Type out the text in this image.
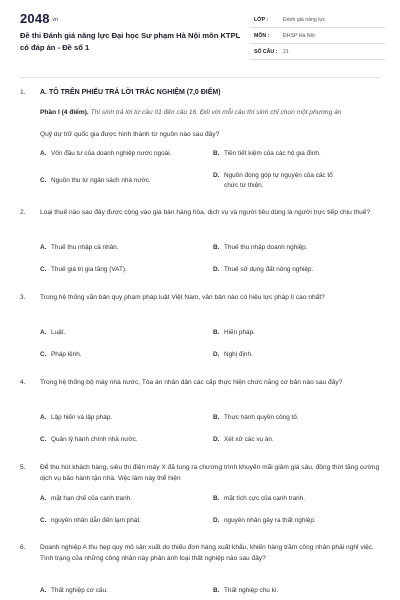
2048.vn
Đề thi Đánh giá năng lực Đại học Sư phạm Hà Nội môn KTPL có đáp án - Đề số 1
LỚP :	Đánh giá năng lực
MÔN :	ĐHSP Hà Nội
SỐ CÂU : 21
1. A. TÔ TRÊN PHIẾU TRẢ LỜI TRẮC NGHIỆM (7,0 ĐIỂM)
Phần I (4 điểm). Thí sinh trả lời từ câu 01 đến câu 16. Đối với mỗi câu thí sinh chỉ chọn một phương án
Quỹ dự trữ quốc gia được hình thành từ nguồn nào sau đây?
A. Vốn đầu tư của doanh nghiệp nước ngoài.	B. Tiền tiết kiệm của các hộ gia đình.
C. Nguồn thu từ ngân sách nhà nước.
D. Nguồn đóng góp tự nguyện của các tổ chức từ thiện.
2. Loại thuế nào sau đây được cộng vào giá bán hàng hóa, dịch vụ và người tiêu dùng là người trực tiếp chịu thuế?
A. Thuế thu nhập cá nhân.	B. Thuế thu nhập doanh nghiệp.
C. Thuế giá trị gia tăng (VAT).	D. Thuế sử dụng đất nông nghiệp.
3. Trong hệ thống văn bản quy phạm pháp luật Việt Nam, văn bản nào có hiệu lực pháp lí cao nhất?
A. Luật.	B. Hiến pháp.
C. Pháp lệnh.	D. Nghị định.
4. Trong hệ thống bộ máy nhà nước, Tòa án nhân dân các cấp thực hiện chức năng cơ bản nào sau đây?
A. Lập hiến và lập pháp.	B. Thực hành quyền công tố.
C. Quản lý hành chính nhà nước.	D. Xét xử các vụ án.
5. Để thu hút khách hàng, siêu thị điện máy X đã tung ra chương trình khuyến mãi giảm giá sâu, đồng thời tăng cường dịch vụ bảo hành tận nhà. Việc làm này thể hiện
A. mặt hạn chế của cạnh tranh.	B. mặt tích cực của cạnh tranh.
C. nguyên nhân dẫn đến lạm phát.	D. nguyên nhân gây ra thất nghiệp.
6. Doanh nghiệp A thu hẹp quy mô sản xuất do thiếu đơn hàng xuất khẩu, khiến hàng trăm công nhân phải nghỉ việc. Tình trạng của những công nhân này phản ánh loại thất nghiệp nào sau đây?
A. Thất nghiệp cơ cấu.	B. Thất nghiệp chu kì.
